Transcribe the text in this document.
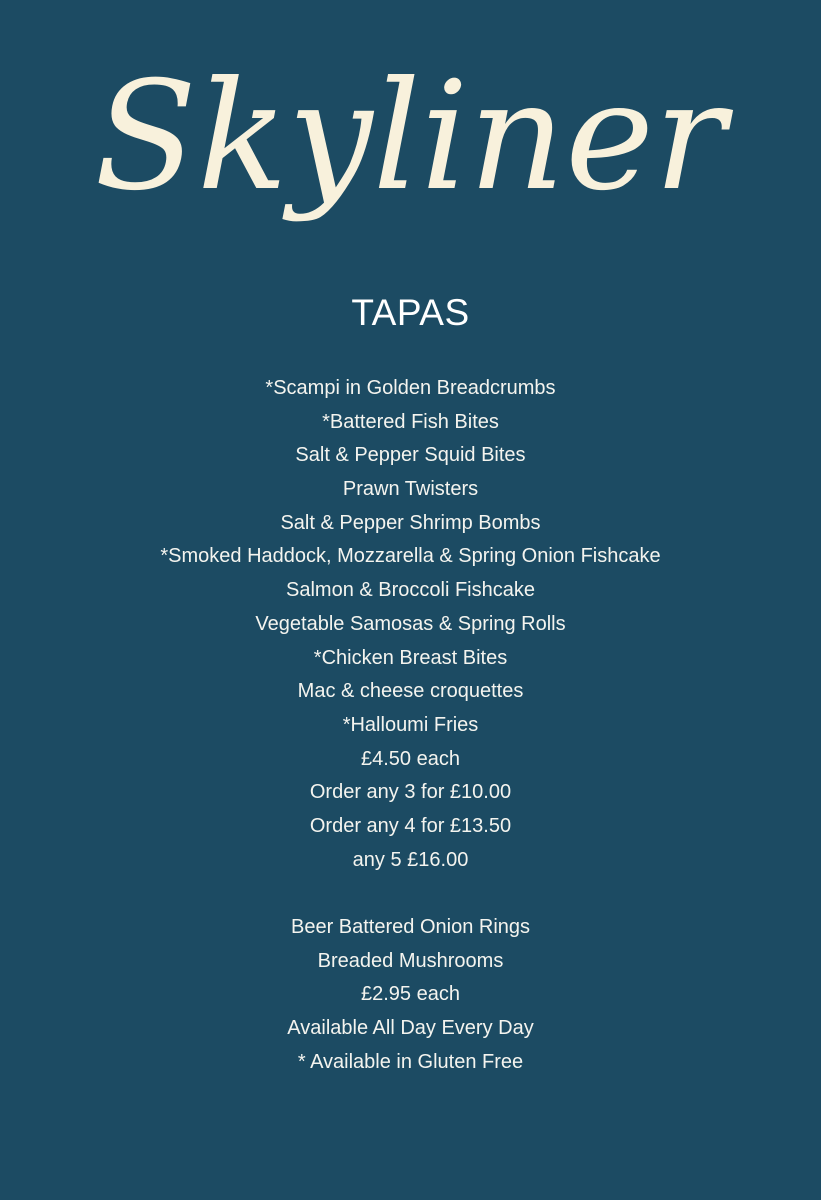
Skyliner
TAPAS
*Scampi in Golden Breadcrumbs
*Battered Fish Bites
Salt & Pepper Squid Bites
Prawn Twisters
Salt & Pepper Shrimp Bombs
*Smoked Haddock, Mozzarella & Spring Onion Fishcake
Salmon & Broccoli Fishcake
Vegetable Samosas & Spring Rolls
*Chicken Breast Bites
Mac & cheese croquettes
*Halloumi Fries
£4.50 each
Order any 3 for £10.00
Order any 4 for £13.50
any 5 £16.00
Beer Battered Onion Rings
Breaded Mushrooms
£2.95 each
Available All Day Every Day
* Available in Gluten Free
